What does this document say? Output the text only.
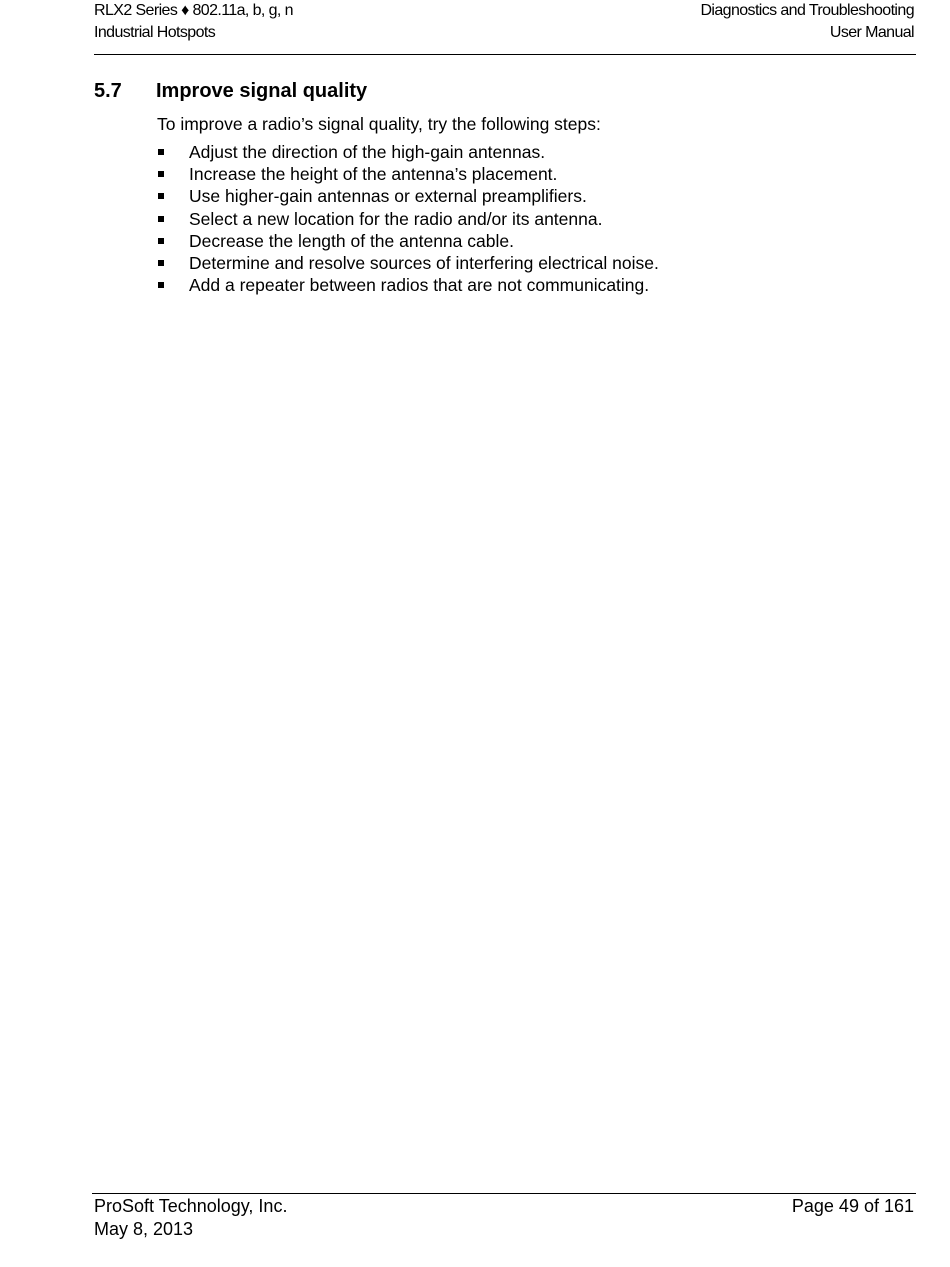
RLX2 Series ♦ 802.11a, b, g, n
Industrial Hotspots
Diagnostics and Troubleshooting
User Manual
5.7 Improve signal quality
To improve a radio’s signal quality, try the following steps:
Adjust the direction of the high-gain antennas.
Increase the height of the antenna’s placement.
Use higher-gain antennas or external preamplifiers.
Select a new location for the radio and/or its antenna.
Decrease the length of the antenna cable.
Determine and resolve sources of interfering electrical noise.
Add a repeater between radios that are not communicating.
ProSoft Technology, Inc.
May 8, 2013
Page 49 of 161
